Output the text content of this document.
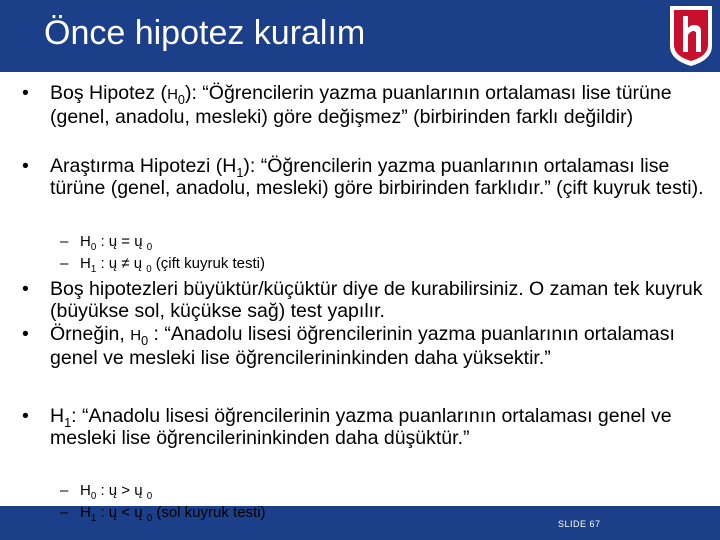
Önce hipotez kuralım
• Boş Hipotez $(H_0)$: “Öğrencilerin yazma puanlarının ortalaması lise türüne (genel, anadolu, mesleki) göre değişmez” (birbirinden farklı değildir)
• Araştırma Hipotezi $(H_1)$: “Öğrencilerin yazma puanlarının ortalaması lise türüne (genel, anadolu, mesleki) göre birbirinden farklıdır.” (çift kuyruk testi).
– $H_0$ : ų = ų $_0$
– $H_1$ : ų ≠ ų $_0$ (çift kuyruk testi)
• Boş hipotezleri büyüktür/küçüktür diye de kurabilirsiniz. O zaman tek kuyruk (büyükse sol, küçükse sağ) test yapılır.
• Örneğin, $H_0$ : “Anadolu lisesi öğrencilerinin yazma puanlarının ortalaması genel ve mesleki lise öğrencilerininkinden daha yüksektir.”
• $H_1$: “Anadolu lisesi öğrencilerinin yazma puanlarının ortalaması genel ve mesleki lise öğrencilerininkinden daha düşüktür.”
SLIDE 67
– $H_0$ : ų > ų $_0$
– $H_1$ : ų < ų $_0$ (sol kuyruk testi)
